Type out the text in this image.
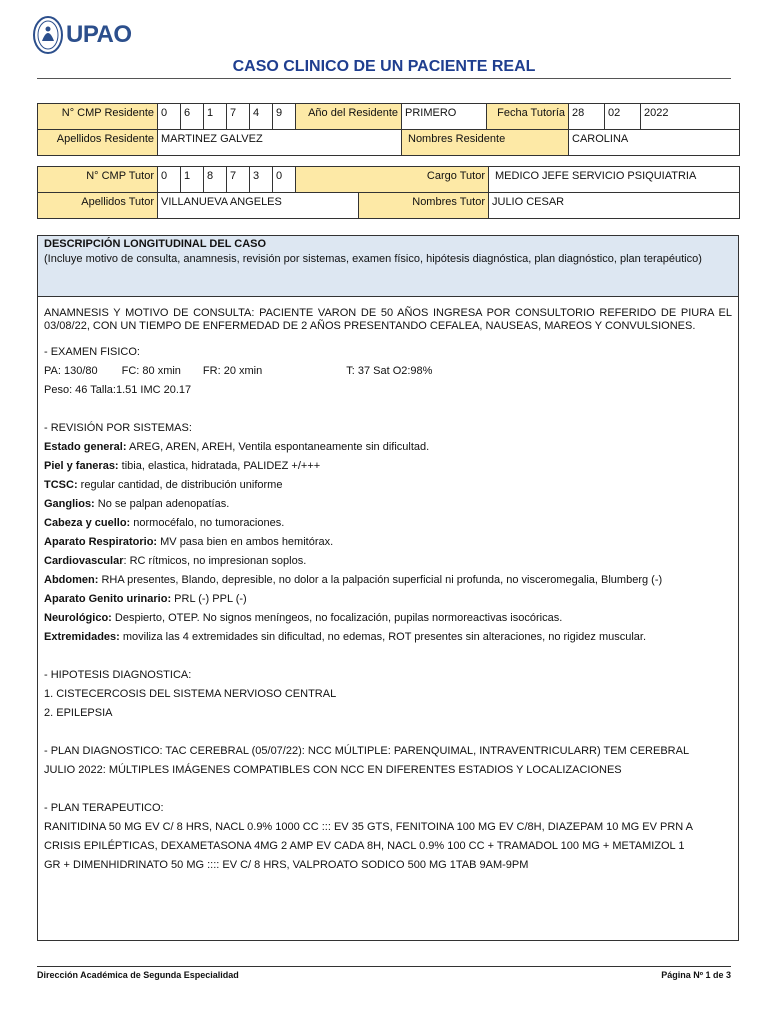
UPAO
CASO CLINICO DE UN PACIENTE REAL
N° CMP Residente	0	6	1	7	4	9	Año del Residente	PRIMERO	Fecha Tutoría	28	02	2022
Apellidos Residente	MARTINEZ GALVEZ							Nombres Residente		CAROLINA		
N° CMP Tutor	0	1	8	7	3	0		Cargo Tutor	MEDICO JEFE SERVICIO PSIQUIATRIA
Apellidos Tutor	VILLANUEVA ANGELES							Nombres Tutor	JULIO CESAR
DESCRIPCIÓN LONGITUDINAL DEL CASO
(Incluye motivo de consulta, anamnesis, revisión por sistemas, examen físico, hipótesis diagnóstica, plan diagnóstico, plan terapéutico)

ANAMNESIS Y MOTIVO DE CONSULTA: PACIENTE VARON DE 50 AÑOS INGRESA POR CONSULTORIO REFERIDO DE PIURA EL 03/08/22, CON UN TIEMPO DE ENFERMEDAD DE 2 AÑOS PRESENTANDO CEFALEA, NAUSEAS, MAREOS Y CONVULSIONES.

- EXAMEN FISICO:

PA: 130/80 FC: 80 xmin FR: 20 xmin	T: 37 Sat O2:98%

Peso: 46 Talla:1.51 IMC 20.17

- REVISIÓN POR SISTEMAS:

Estado general: AREG, AREN, AREH, Ventila espontaneamente sin dificultad.

Piel y faneras: tibia, elastica, hidratada, PALIDEZ +/+++

TCSC: regular cantidad, de distribución uniforme

Ganglios: No se palpan adenopatías.

Cabeza y cuello: normocéfalo, no tumoraciones.

Aparato Respiratorio: MV pasa bien en ambos hemitórax.

Cardiovascular: RC rítmicos, no impresionan soplos.

Abdomen: RHA presentes, Blando, depresible, no dolor a la palpación superficial ni profunda, no visceromegalia, Blumberg (-)

Aparato Genito urinario: PRL (-) PPL (-)

Neurológico: Despierto, OTEP. No signos meníngeos, no focalización, pupilas normoreactivas isocóricas.

Extremidades: moviliza las 4 extremidades sin dificultad, no edemas, ROT presentes sin alteraciones, no rigidez muscular.

- HIPOTESIS DIAGNOSTICA:

1. CISTECERCOSIS DEL SISTEMA NERVIOSO CENTRAL

2. EPILEPSIA

- PLAN DIAGNOSTICO: TAC CEREBRAL (05/07/22): NCC MÚLTIPLE: PARENQUIMAL, INTRAVENTRICULARR) TEM CEREBRAL

JULIO 2022: MÚLTIPLES IMÁGENES COMPATIBLES CON NCC EN DIFERENTES ESTADIOS Y LOCALIZACIONES

- PLAN TERAPEUTICO:

RANITIDINA 50 MG EV C/ 8 HRS, NACL 0.9% 1000 CC ::: EV 35 GTS, FENITOINA 100 MG EV C/8H, DIAZEPAM 10 MG EV PRN A

CRISIS EPILÉPTICAS, DEXAMETASONA 4MG 2 AMP EV CADA 8H, NACL 0.9% 100 CC + TRAMADOL 100 MG + METAMIZOL 1

GR + DIMENHIDRINATO 50 MG :::: EV C/ 8 HRS, VALPROATO SODICO 500 MG 1TAB 9AM-9PM

Dirección Académica de Segunda Especialidad	Página Nº 1 de 3
